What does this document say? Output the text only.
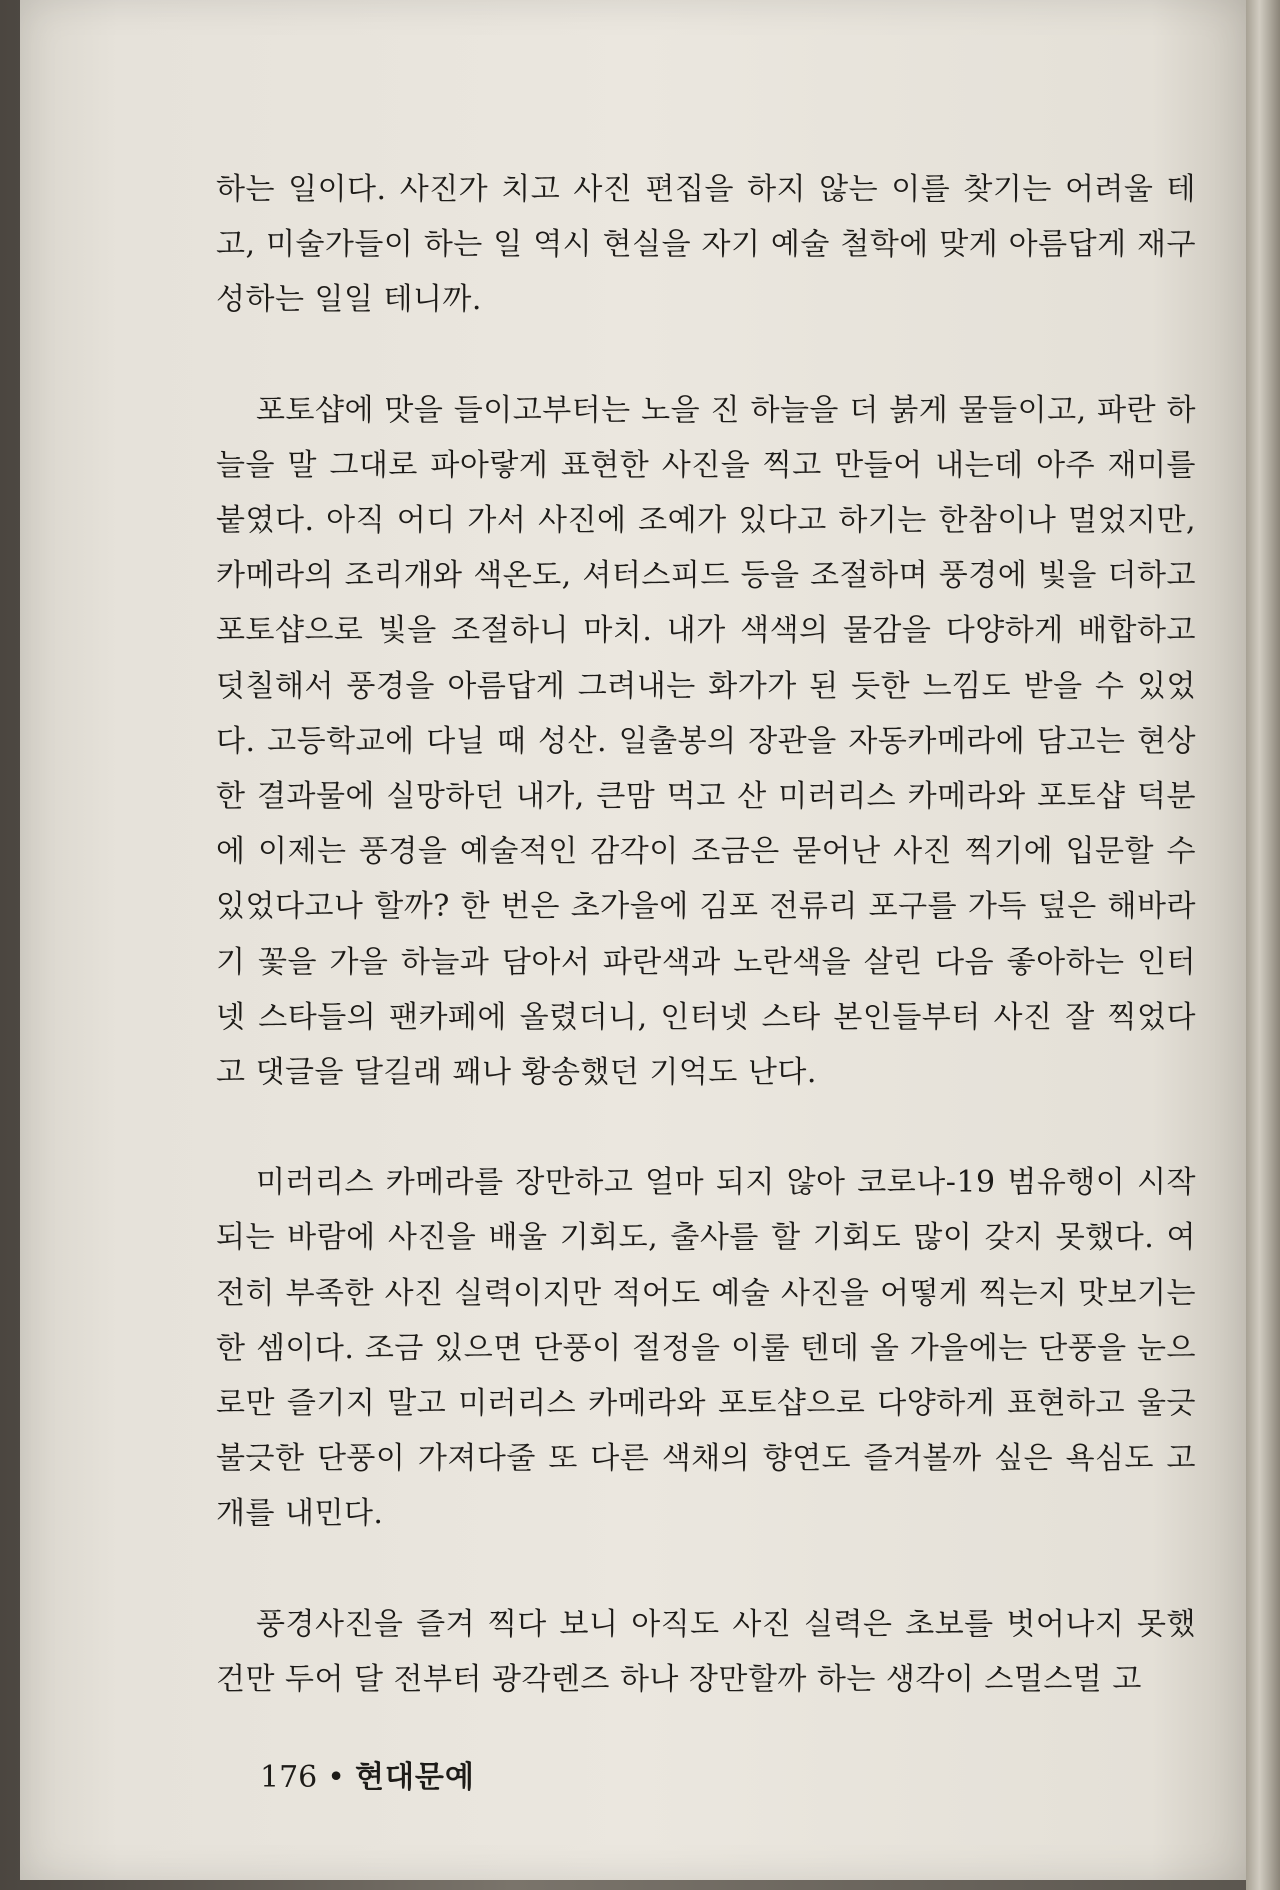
하는 일이다. 사진가 치고 사진 편집을 하지 않는 이를 찾기는 어려울 테고, 미술가들이 하는 일 역시 현실을 자기 예술 철학에 맞게 아름답게 재구성하는 일일 테니까.

포토샵에 맛을 들이고부터는 노을 진 하늘을 더 붉게 물들이고, 파란 하늘을 말 그대로 파아랗게 표현한 사진을 찍고 만들어 내는데 아주 재미를 붙였다. 아직 어디 가서 사진에 조예가 있다고 하기는 한참이나 멀었지만, 카메라의 조리개와 색온도, 셔터스피드 등을 조절하며 풍경에 빛을 더하고 포토샵으로 빛을 조절하니 마치. 내가 색색의 물감을 다양하게 배합하고 덧칠해서 풍경을 아름답게 그려내는 화가가 된 듯한 느낌도 받을 수 있었다. 고등학교에 다닐 때 성산. 일출봉의 장관을 자동카메라에 담고는 현상한 결과물에 실망하던 내가, 큰맘 먹고 산 미러리스 카메라와 포토샵 덕분에 이제는 풍경을 예술적인 감각이 조금은 묻어난 사진 찍기에 입문할 수 있었다고나 할까? 한 번은 초가을에 김포 전류리 포구를 가득 덮은 해바라기 꽃을 가을 하늘과 담아서 파란색과 노란색을 살린 다음 좋아하는 인터넷 스타들의 팬카페에 올렸더니, 인터넷 스타 본인들부터 사진 잘 찍었다고 댓글을 달길래 꽤나 황송했던 기억도 난다.

미러리스 카메라를 장만하고 얼마 되지 않아 코로나-19 범유행이 시작되는 바람에 사진을 배울 기회도, 출사를 할 기회도 많이 갖지 못했다. 여전히 부족한 사진 실력이지만 적어도 예술 사진을 어떻게 찍는지 맛보기는 한 셈이다. 조금 있으면 단풍이 절정을 이룰 텐데 올 가을에는 단풍을 눈으로만 즐기지 말고 미러리스 카메라와 포토샵으로 다양하게 표현하고 울긋불긋한 단풍이 가져다줄 또 다른 색채의 향연도 즐겨볼까 싶은 욕심도 고개를 내민다.

풍경사진을 즐겨 찍다 보니 아직도 사진 실력은 초보를 벗어나지 못했건만 두어 달 전부터 광각렌즈 하나 장만할까 하는 생각이 스멀스멀 고

176 • 현대문예
